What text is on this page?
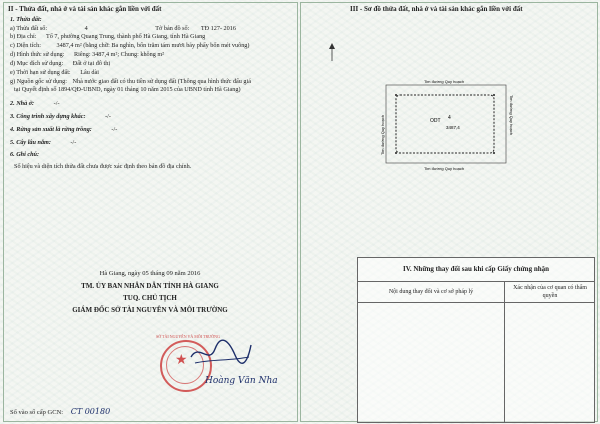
II - Thửa đất, nhà ở và tài sản khác gắn liền với đất
1. Thửa đất:
a) Thửa đất số:	4	Tờ bản đồ số: TĐ 127- 2016
b) Địa chỉ: Tổ 7, phường Quang Trung, thành phố Hà Giang, tỉnh Hà Giang
c) Diện tích:	3487,4 m² (bằng chữ: Ba nghìn, bốn trăm tám mươi bảy phẩy bốn mét vuông)
d) Hình thức sử dụng: Riêng: 3487,4 m²; Chung: không m²
đ) Mục đích sử dụng: Đất ở tại đô thị
e) Thời hạn sử dụng đất: Lâu dài
g) Nguồn gốc sử dụng: Nhà nước giao đất có thu tiền sử dụng đất (Thông qua hình thức đấu giá
tại Quyết định số 1894/QĐ-UBND, ngày 01 tháng 10 năm 2015 của UBND tỉnh Hà Giang)
2. Nhà ở:	-/-
3. Công trình xây dựng khác:	-/-
4. Rừng sản xuất là rừng trồng:	-/-
5. Cây lâu năm:	-/-
6. Ghi chú:
Số hiệu và diện tích thửa đất chưa được xác định theo bản đồ địa chính.
Hà Giang, ngày 05 tháng 09 năm 2016
TM. ỦY BAN NHÂN DÂN TỈNH HÀ GIANG
TUQ. CHỦ TỊCH
GIÁM ĐỐC SỞ TÀI NGUYÊN VÀ MÔI TRƯỜNG
★
SỞ TÀI NGUYÊN VÀ MÔI TRƯỜNG
Hoàng Văn Nha
Số vào sổ cấp GCN: CT 00180
III - Sơ đồ thửa đất, nhà ở và tài sản khác gắn liền với đất
ODT 4
3487,4
Tim đường Quy hoạch
Tim đường Quy hoạch
Tim đường Quy hoạch	Tim đường Quy hoạch
IV. Những thay đổi sau khi cấp Giấy chứng nhận
Nội dung thay đổi và cơ sở pháp lý
Xác nhận của cơ quan có thẩm quyền
